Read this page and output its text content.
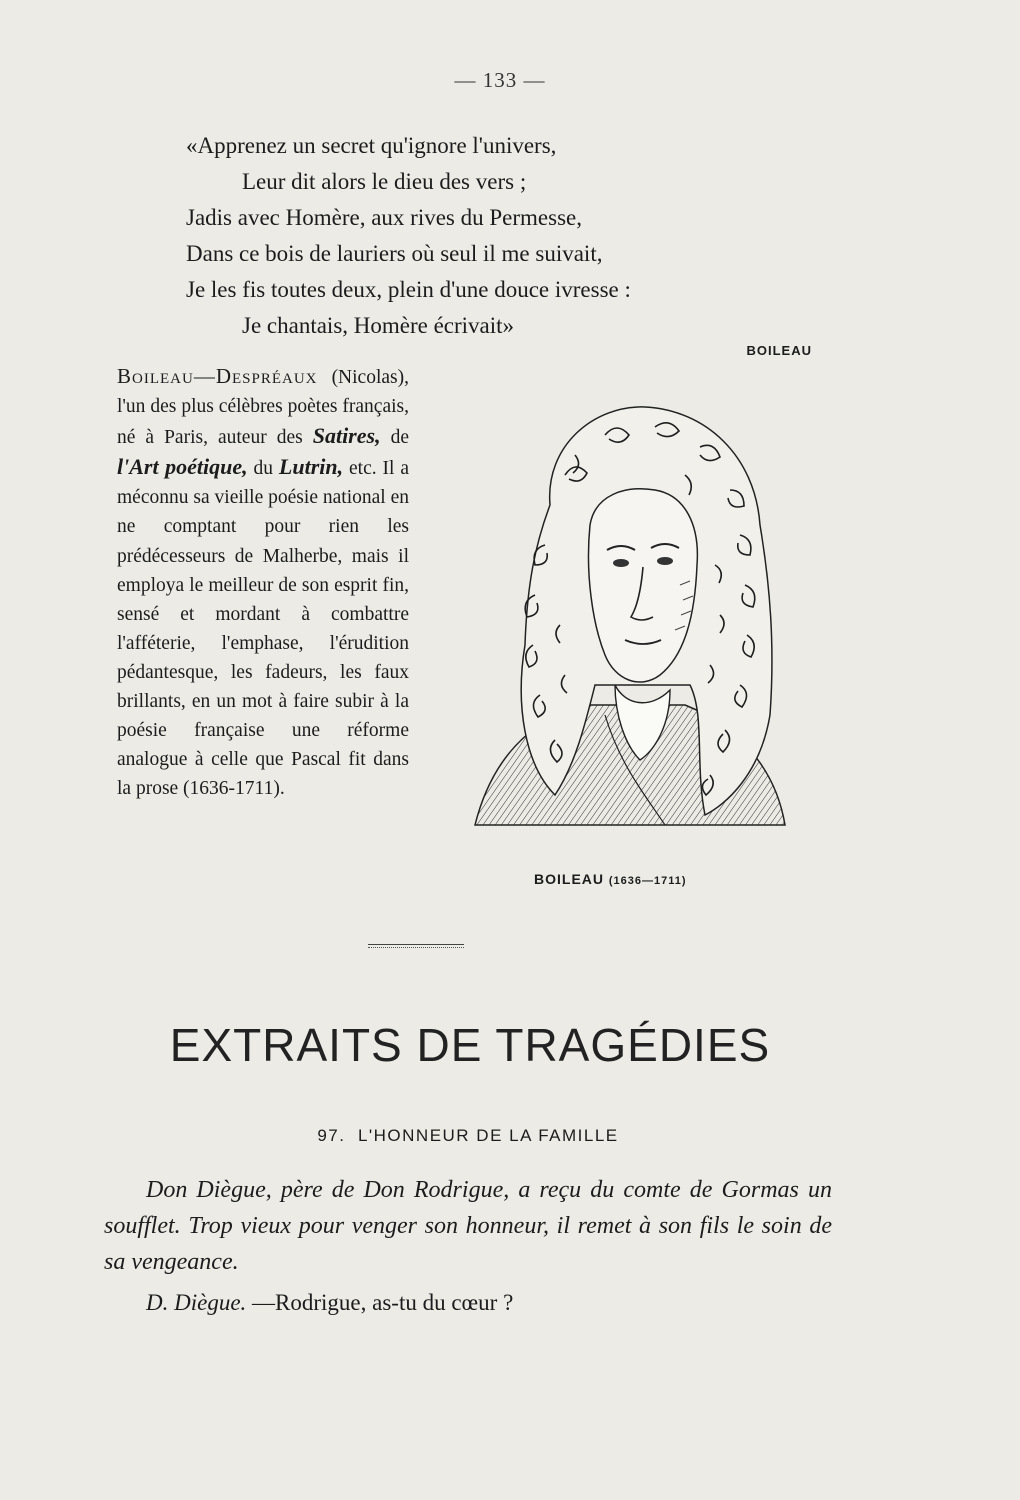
— 133 —
«Apprenez un secret qu'ignore l'univers,
Leur dit alors le dieu des vers ;
Jadis avec Homère, aux rives du Permesse,
Dans ce bois de lauriers où seul il me suivait,
Je les fis toutes deux, plein d'une douce ivresse :
Je chantais, Homère écrivait»
BOILEAU
Boileau—Despréaux (Nicolas), l'un des plus célèbres poètes français, né à Paris, auteur des Satires, de l'Art poétique, du Lutrin, etc. Il a méconnu sa vieille poésie national en ne comptant pour rien les prédécesseurs de Malherbe, mais il employa le meilleur de son esprit fin, sensé et mordant à combattre l'afféterie, l'emphase, l'érudition pédantesque, les fadeurs, les faux brillants, en un mot à faire subir à la poésie française une réforme analogue à celle que Pascal fit dans la prose (1636-1711).
BOILEAU (1636—1711)
EXTRAITS DE TRAGÉDIES
97. L'HONNEUR DE LA FAMILLE
Don Diègue, père de Don Rodrigue, a reçu du comte de Gormas un soufflet. Trop vieux pour venger son honneur, il remet à son fils le soin de sa vengeance.
D. Diègue. —Rodrigue, as-tu du cœur ?
